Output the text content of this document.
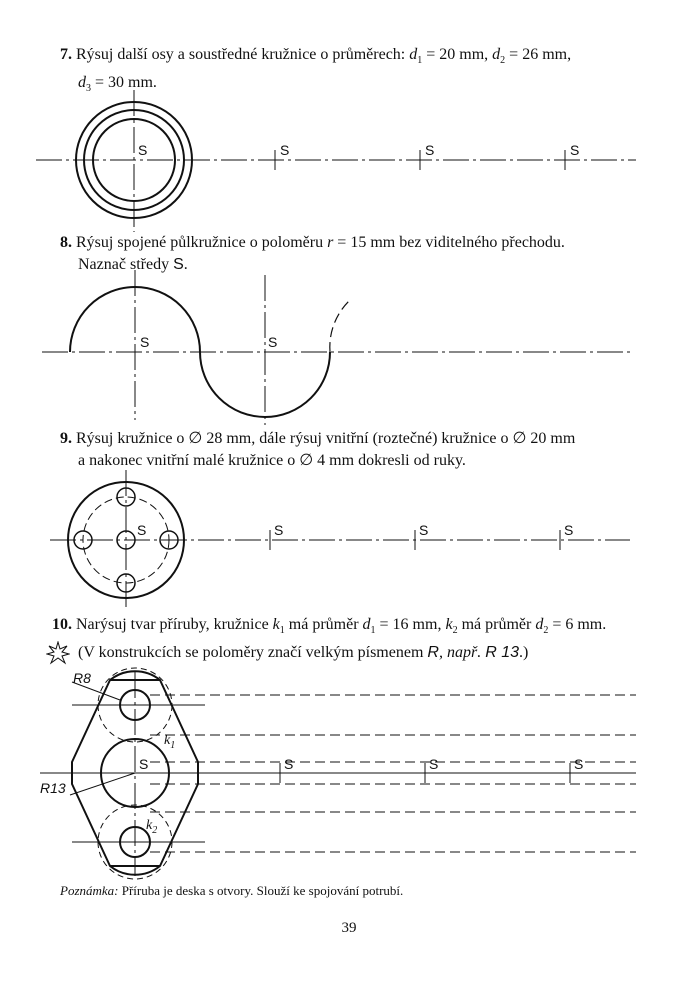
7. Rýsuj další osy a soustředné kružnice o průměrech: $d_1 = 20$ mm, $d_2 = 26$ mm,
$d_3 = 30$ mm.
8. Rýsuj spojené půlkružnice o poloměru r = 15 mm bez viditelného přechodu.
Naznač středy S.
9. Rýsuj kružnice o ∅ 28 mm, dále rýsuj vnitřní (roztečné) kružnice o ∅ 20 mm
a nakonec vnitřní malé kružnice o ∅ 4 mm dokresli od ruky.
10. Narýsuj tvar příruby, kružnice $k_1$ má průměr $d_1 = 16$ mm, $k_2$ má průměr $d_2 = 6$ mm.
(V konstrukcích se poloměry značí velkým písmenem R, např. R 13.)
S	S	S	S
S	S
S	S	S	S
S	S	S	S
R8
R13
$k_1$
$k_2$
Poznámka: Příruba je deska s otvory. Slouží ke spojování potrubí.
39
